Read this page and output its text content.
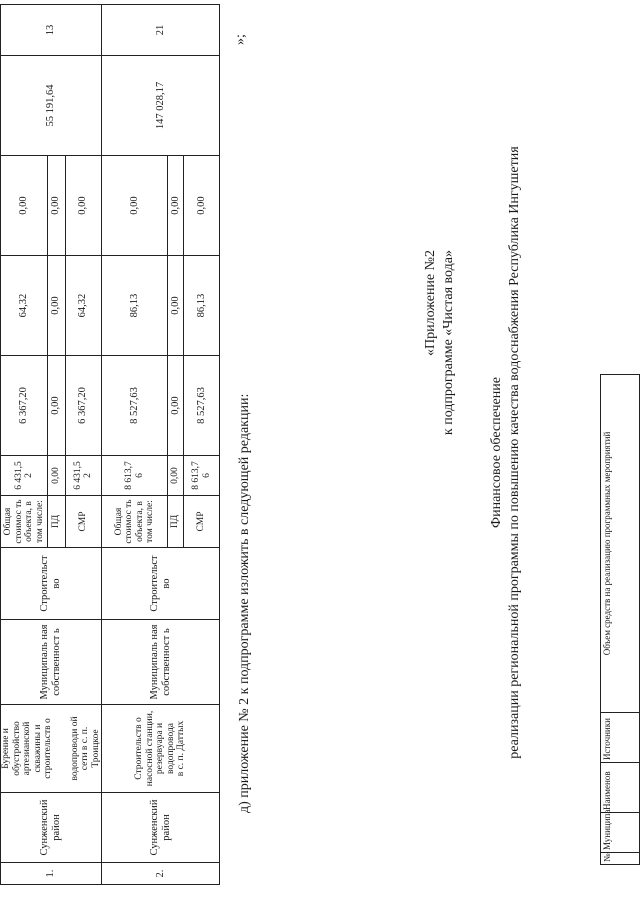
1.	Сунженский район	Бурение и обустройство артезианской скважины и строительств о водопроводи ой сети в с. п. Троицкое	Муниципаль ная собственност ь	Строительст во	Общая стоимос ть объекта, в том числе:	6 431,5 2	6 367,20	64,32	0,00	55 191,64	13
					ПД	0,00	0,00	0,00	0,00		
					СМР	6 431,5 2	6 367,20	64,32	0,00		
2.	Сунженский район	Строительств о насосной станции, резервуара и водопровода в с. п. Даттых	Муниципаль ная собственност ь	Строительст во	Общая стоимос ть объекта, в том числе:	8 613,7 6	8 527,63	86,13	0,00	147 028,17	21
					ПД	0,00	0,00	0,00	0,00		
					СМР	8 613,7 6	8 527,63	86,13	0,00		
д) приложение № 2 к подпрограмме изложить в следующей редакции:
»;
«Приложение №2 к подпрограмме «Чистая вода»
Финансовое обеспечение реализации региональной программы по повышению качества водоснабжения Республика Ингушетия
№	Муниципа	Наименов	Источники	Объем средств на реализацию программных мероприятий
